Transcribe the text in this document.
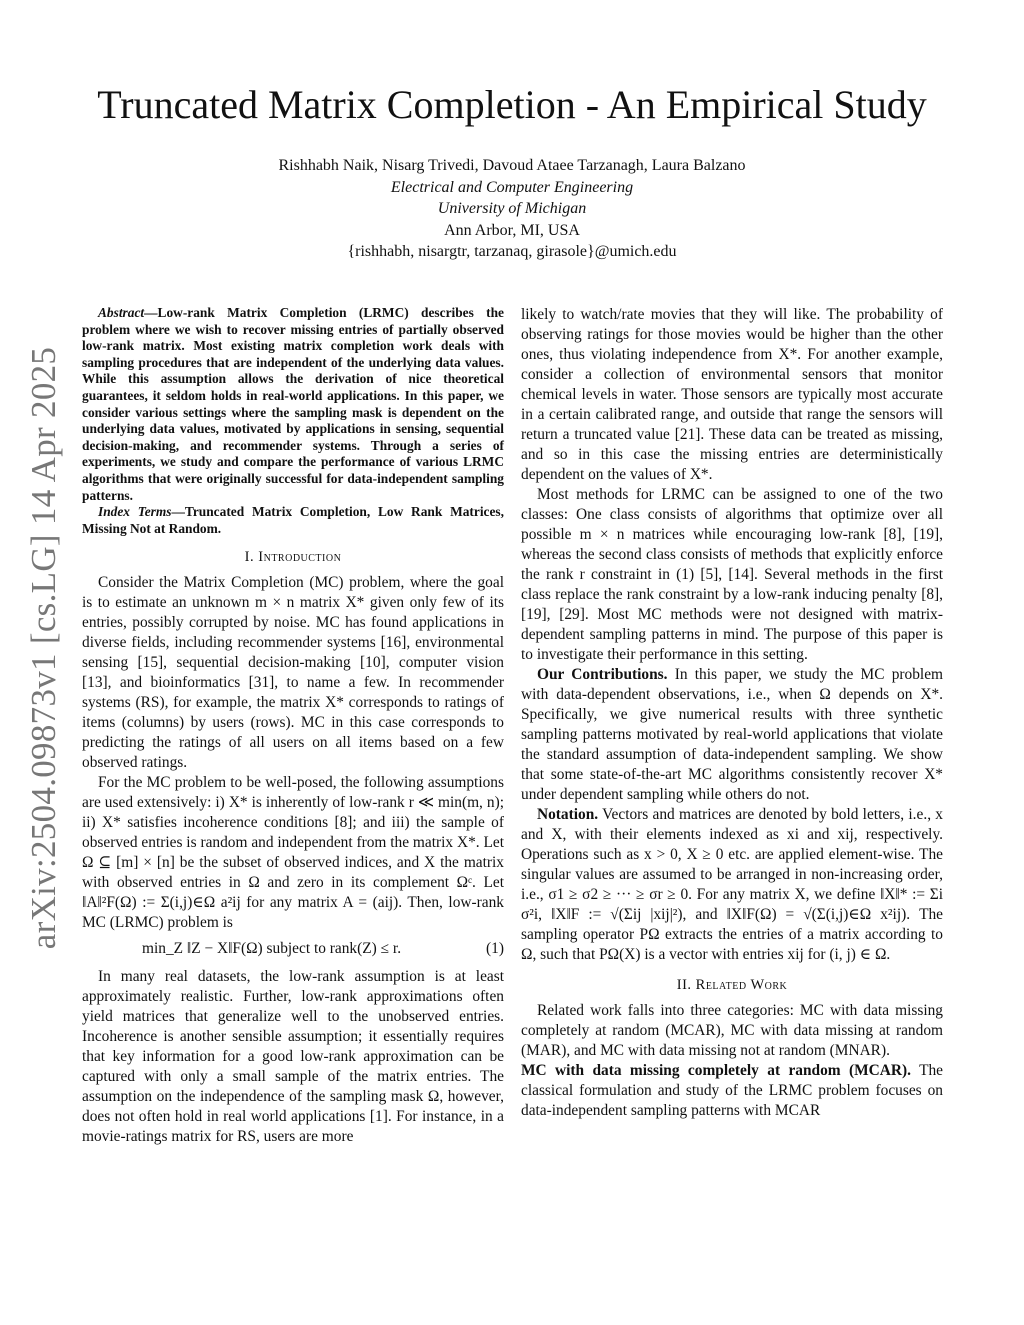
arXiv:2504.09873v1 [cs.LG] 14 Apr 2025
Truncated Matrix Completion - An Empirical Study
Rishhabh Naik, Nisarg Trivedi, Davoud Ataee Tarzanagh, Laura Balzano
Electrical and Computer Engineering
University of Michigan
Ann Arbor, MI, USA
{rishhabh, nisargtr, tarzanaq, girasole}@umich.edu

Abstract—Low-rank Matrix Completion (LRMC) describes the problem where we wish to recover missing entries of partially observed low-rank matrix. Most existing matrix completion work deals with sampling procedures that are independent of the underlying data values. While this assumption allows the derivation of nice theoretical guarantees, it seldom holds in real-world applications. In this paper, we consider various settings where the sampling mask is dependent on the underlying data values, motivated by applications in sensing, sequential decision-making, and recommender systems. Through a series of experiments, we study and compare the performance of various LRMC algorithms that were originally successful for data-independent sampling patterns.

Index Terms—Truncated Matrix Completion, Low Rank Matrices, Missing Not at Random.

I. Introduction

Consider the Matrix Completion (MC) problem, where the goal is to estimate an unknown m × n matrix X* given only few of its entries, possibly corrupted by noise. MC has found applications in diverse fields, including recommender systems [16], environmental sensing [15], sequential decision-making [10], computer vision [13], and bioinformatics [31], to name a few. In recommender systems (RS), for example, the matrix X* corresponds to ratings of items (columns) by users (rows). MC in this case corresponds to predicting the ratings of all users on all items based on a few observed ratings.

For the MC problem to be well-posed, the following assumptions are used extensively: i) X* is inherently of low-rank r ≪ min(m, n); ii) X* satisfies incoherence conditions [8]; and iii) the sample of observed entries is random and independent from the matrix X*. Let Ω ⊆ [m] × [n] be the subset of observed indices, and X the matrix with observed entries in Ω and zero in its complement Ωᶜ. Let ‖A‖²F(Ω) := Σ(i,j)∈Ω a²ij for any matrix A = (aij). Then, low-rank MC (LRMC) problem is

min_Z ‖Z − X‖F(Ω) subject to rank(Z) ≤ r.	(1)

In many real datasets, the low-rank assumption is at least approximately realistic. Further, low-rank approximations often yield matrices that generalize well to the unobserved entries. Incoherence is another sensible assumption; it essentially requires that key information for a good low-rank approximation can be captured with only a small sample of the matrix entries. The assumption on the independence of the sampling mask Ω, however, does not often hold in real world applications [1]. For instance, in a movie-ratings matrix for RS, users are more

likely to watch/rate movies that they will like. The probability of observing ratings for those movies would be higher than the other ones, thus violating independence from X*. For another example, consider a collection of environmental sensors that monitor chemical levels in water. Those sensors are typically most accurate in a certain calibrated range, and outside that range the sensors will return a truncated value [21]. These data can be treated as missing, and so in this case the missing entries are deterministically dependent on the values of X*.

Most methods for LRMC can be assigned to one of the two classes: One class consists of algorithms that optimize over all possible m × n matrices while encouraging low-rank [8], [19], whereas the second class consists of methods that explicitly enforce the rank r constraint in (1) [5], [14]. Several methods in the first class replace the rank constraint by a low-rank inducing penalty [8], [19], [29]. Most MC methods were not designed with matrix-dependent sampling patterns in mind. The purpose of this paper is to investigate their performance in this setting.

Our Contributions. In this paper, we study the MC problem with data-dependent observations, i.e., when Ω depends on X*. Specifically, we give numerical results with three synthetic sampling patterns motivated by real-world applications that violate the standard assumption of data-independent sampling. We show that some state-of-the-art MC algorithms consistently recover X* under dependent sampling while others do not.

Notation. Vectors and matrices are denoted by bold letters, i.e., x and X, with their elements indexed as xi and xij, respectively. Operations such as x > 0, X ≥ 0 etc. are applied element-wise. The singular values are assumed to be arranged in non-increasing order, i.e., σ1 ≥ σ2 ≥ ··· ≥ σr ≥ 0. For any matrix X, we define ‖X‖* := Σi σ²i, ‖X‖F := √(Σij |xij|²), and ‖X‖F(Ω) = √(Σ(i,j)∈Ω x²ij). The sampling operator PΩ extracts the entries of a matrix according to Ω, such that PΩ(X) is a vector with entries xij for (i, j) ∈ Ω.

II. Related Work

Related work falls into three categories: MC with data missing completely at random (MCAR), MC with data missing at random (MAR), and MC with data missing not at random (MNAR).

MC with data missing completely at random (MCAR). The classical formulation and study of the LRMC problem focuses on data-independent sampling patterns with MCAR
